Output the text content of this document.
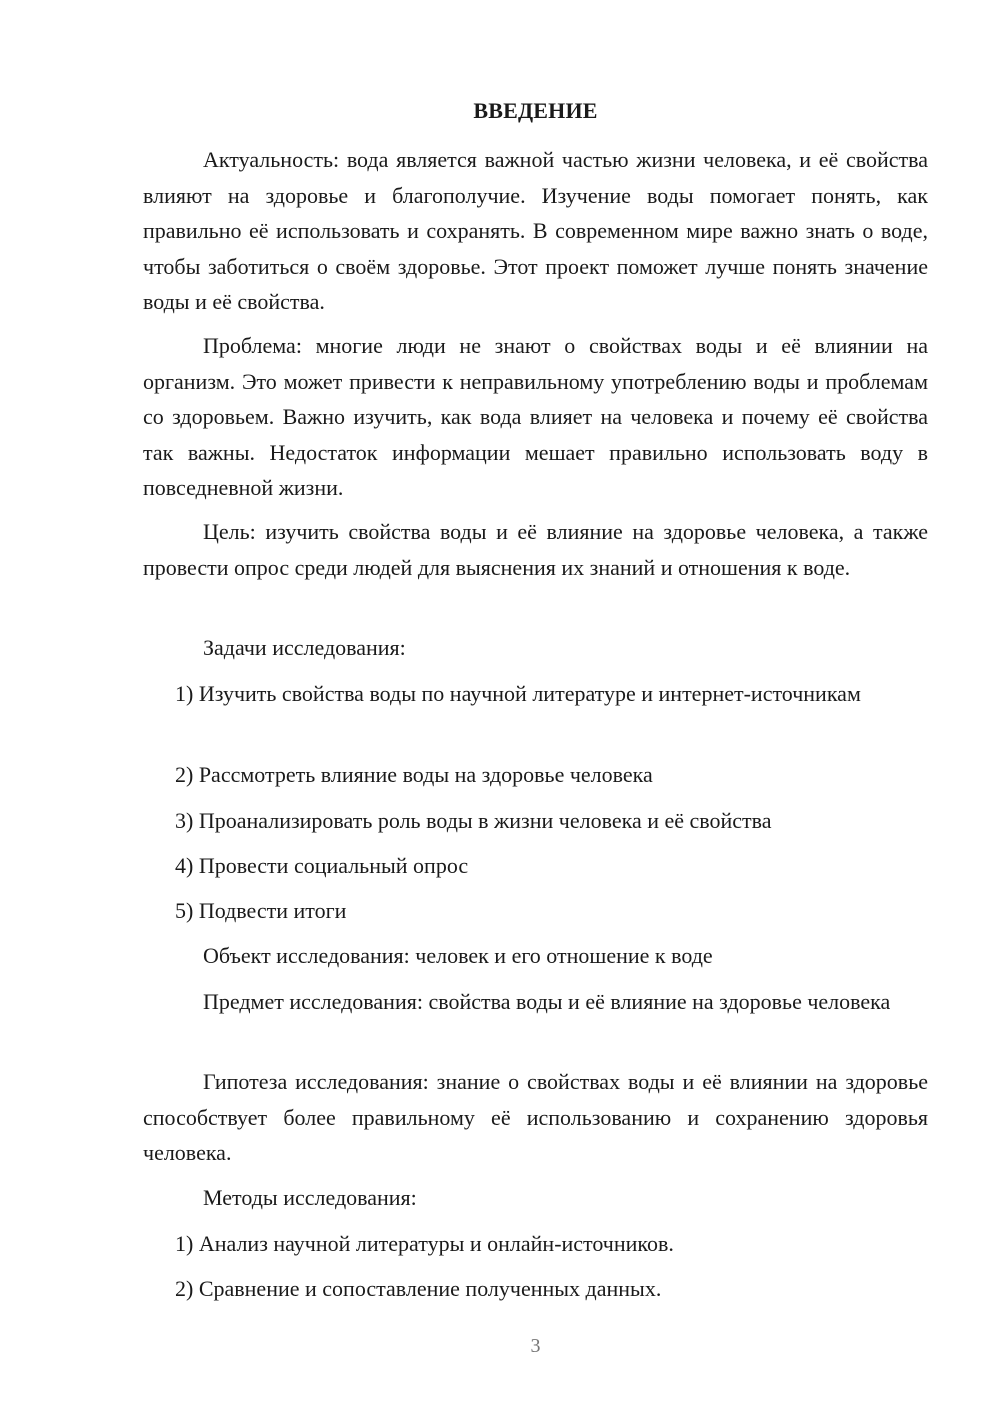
ВВЕДЕНИЕ

Актуальность: вода является важной частью жизни человека, и её свойства влияют на здоровье и благополучие. Изучение воды помогает понять, как правильно её использовать и сохранять. В современном мире важно знать о воде, чтобы заботиться о своём здоровье. Этот проект поможет лучше понять значение воды и её свойства.

Проблема: многие люди не знают о свойствах воды и её влиянии на организм. Это может привести к неправильному употреблению воды и проблемам со здоровьем. Важно изучить, как вода влияет на человека и почему её свойства так важны. Недостаток информации мешает правильно использовать воду в повседневной жизни.

Цель: изучить свойства воды и её влияние на здоровье человека, а также провести опрос среди людей для выяснения их знаний и отношения к воде.

Задачи исследования:

1) Изучить свойства воды по научной литературе и интернет-источникам

2) Рассмотреть влияние воды на здоровье человека
3) Проанализировать роль воды в жизни человека и её свойства
4) Провести социальный опрос
5) Подвести итоги
Объект исследования: человек и его отношение к воде

Предмет исследования: свойства воды и её влияние на здоровье человека

Гипотеза исследования: знание о свойствах воды и её влиянии на здоровье способствует более правильному её использованию и сохранению здоровья человека.

Методы исследования:
1) Анализ научной литературы и онлайн-источников.
2) Сравнение и сопоставление полученных данных.
3
